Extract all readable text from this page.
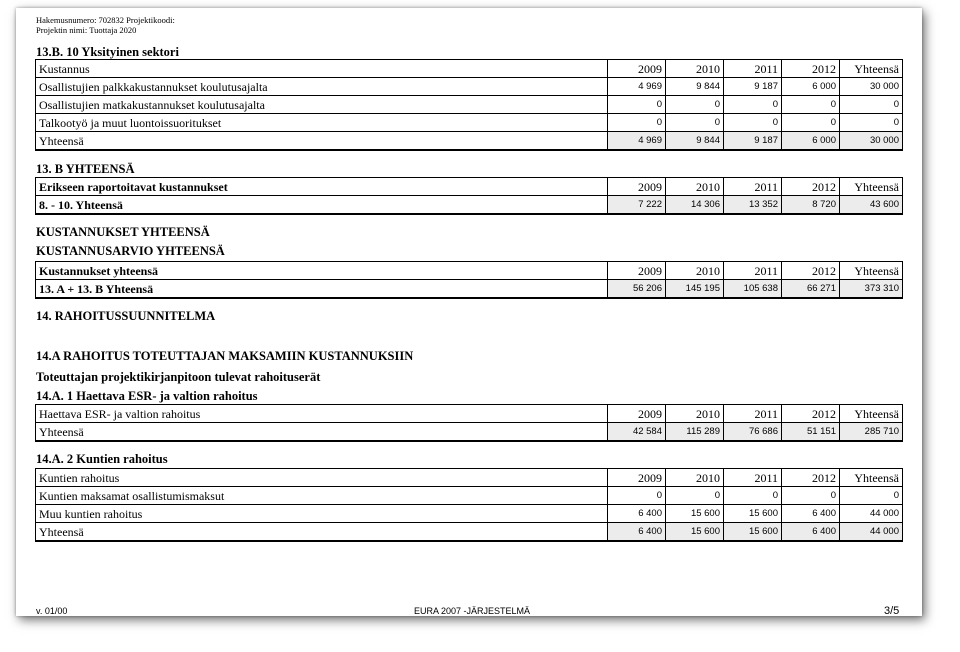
Hakemusnumero: 702832 Projektikoodi:
Projektin nimi: Tuottaja 2020
13.B. 10 Yksityinen sektori
Kustannus	2009	2010	2011	2012	Yhteensä
Osallistujien palkkakustannukset koulutusajalta	4 969	9 844	9 187	6 000	30 000
Osallistujien matkakustannukset koulutusajalta	0	0	0	0	0
Talkootyö ja muut luontoissuoritukset	0	0	0	0	0
Yhteensä	4 969	9 844	9 187	6 000	30 000
13. B YHTEENSÄ
Erikseen raportoitavat kustannukset	2009	2010	2011	2012	Yhteensä
8. - 10. Yhteensä	7 222	14 306	13 352	8 720	43 600
KUSTANNUKSET YHTEENSÄ
KUSTANNUSARVIO YHTEENSÄ
Kustannukset yhteensä	2009	2010	2011	2012	Yhteensä
13. A + 13. B Yhteensä	56 206	145 195	105 638	66 271	373 310
14. RAHOITUSSUUNNITELMA
14.A RAHOITUS TOTEUTTAJAN MAKSAMIIN KUSTANNUKSIIN
Toteuttajan projektikirjanpitoon tulevat rahoituserät
14.A. 1 Haettava ESR- ja valtion rahoitus
Haettava ESR- ja valtion rahoitus	2009	2010	2011	2012	Yhteensä
Yhteensä	42 584	115 289	76 686	51 151	285 710
14.A. 2 Kuntien rahoitus
Kuntien rahoitus	2009	2010	2011	2012	Yhteensä
Kuntien maksamat osallistumismaksut	0	0	0	0	0
Muu kuntien rahoitus	6 400	15 600	15 600	6 400	44 000
Yhteensä	6 400	15 600	15 600	6 400	44 000
v. 01/00	EURA 2007 -JÄRJESTELMÄ	3/5
